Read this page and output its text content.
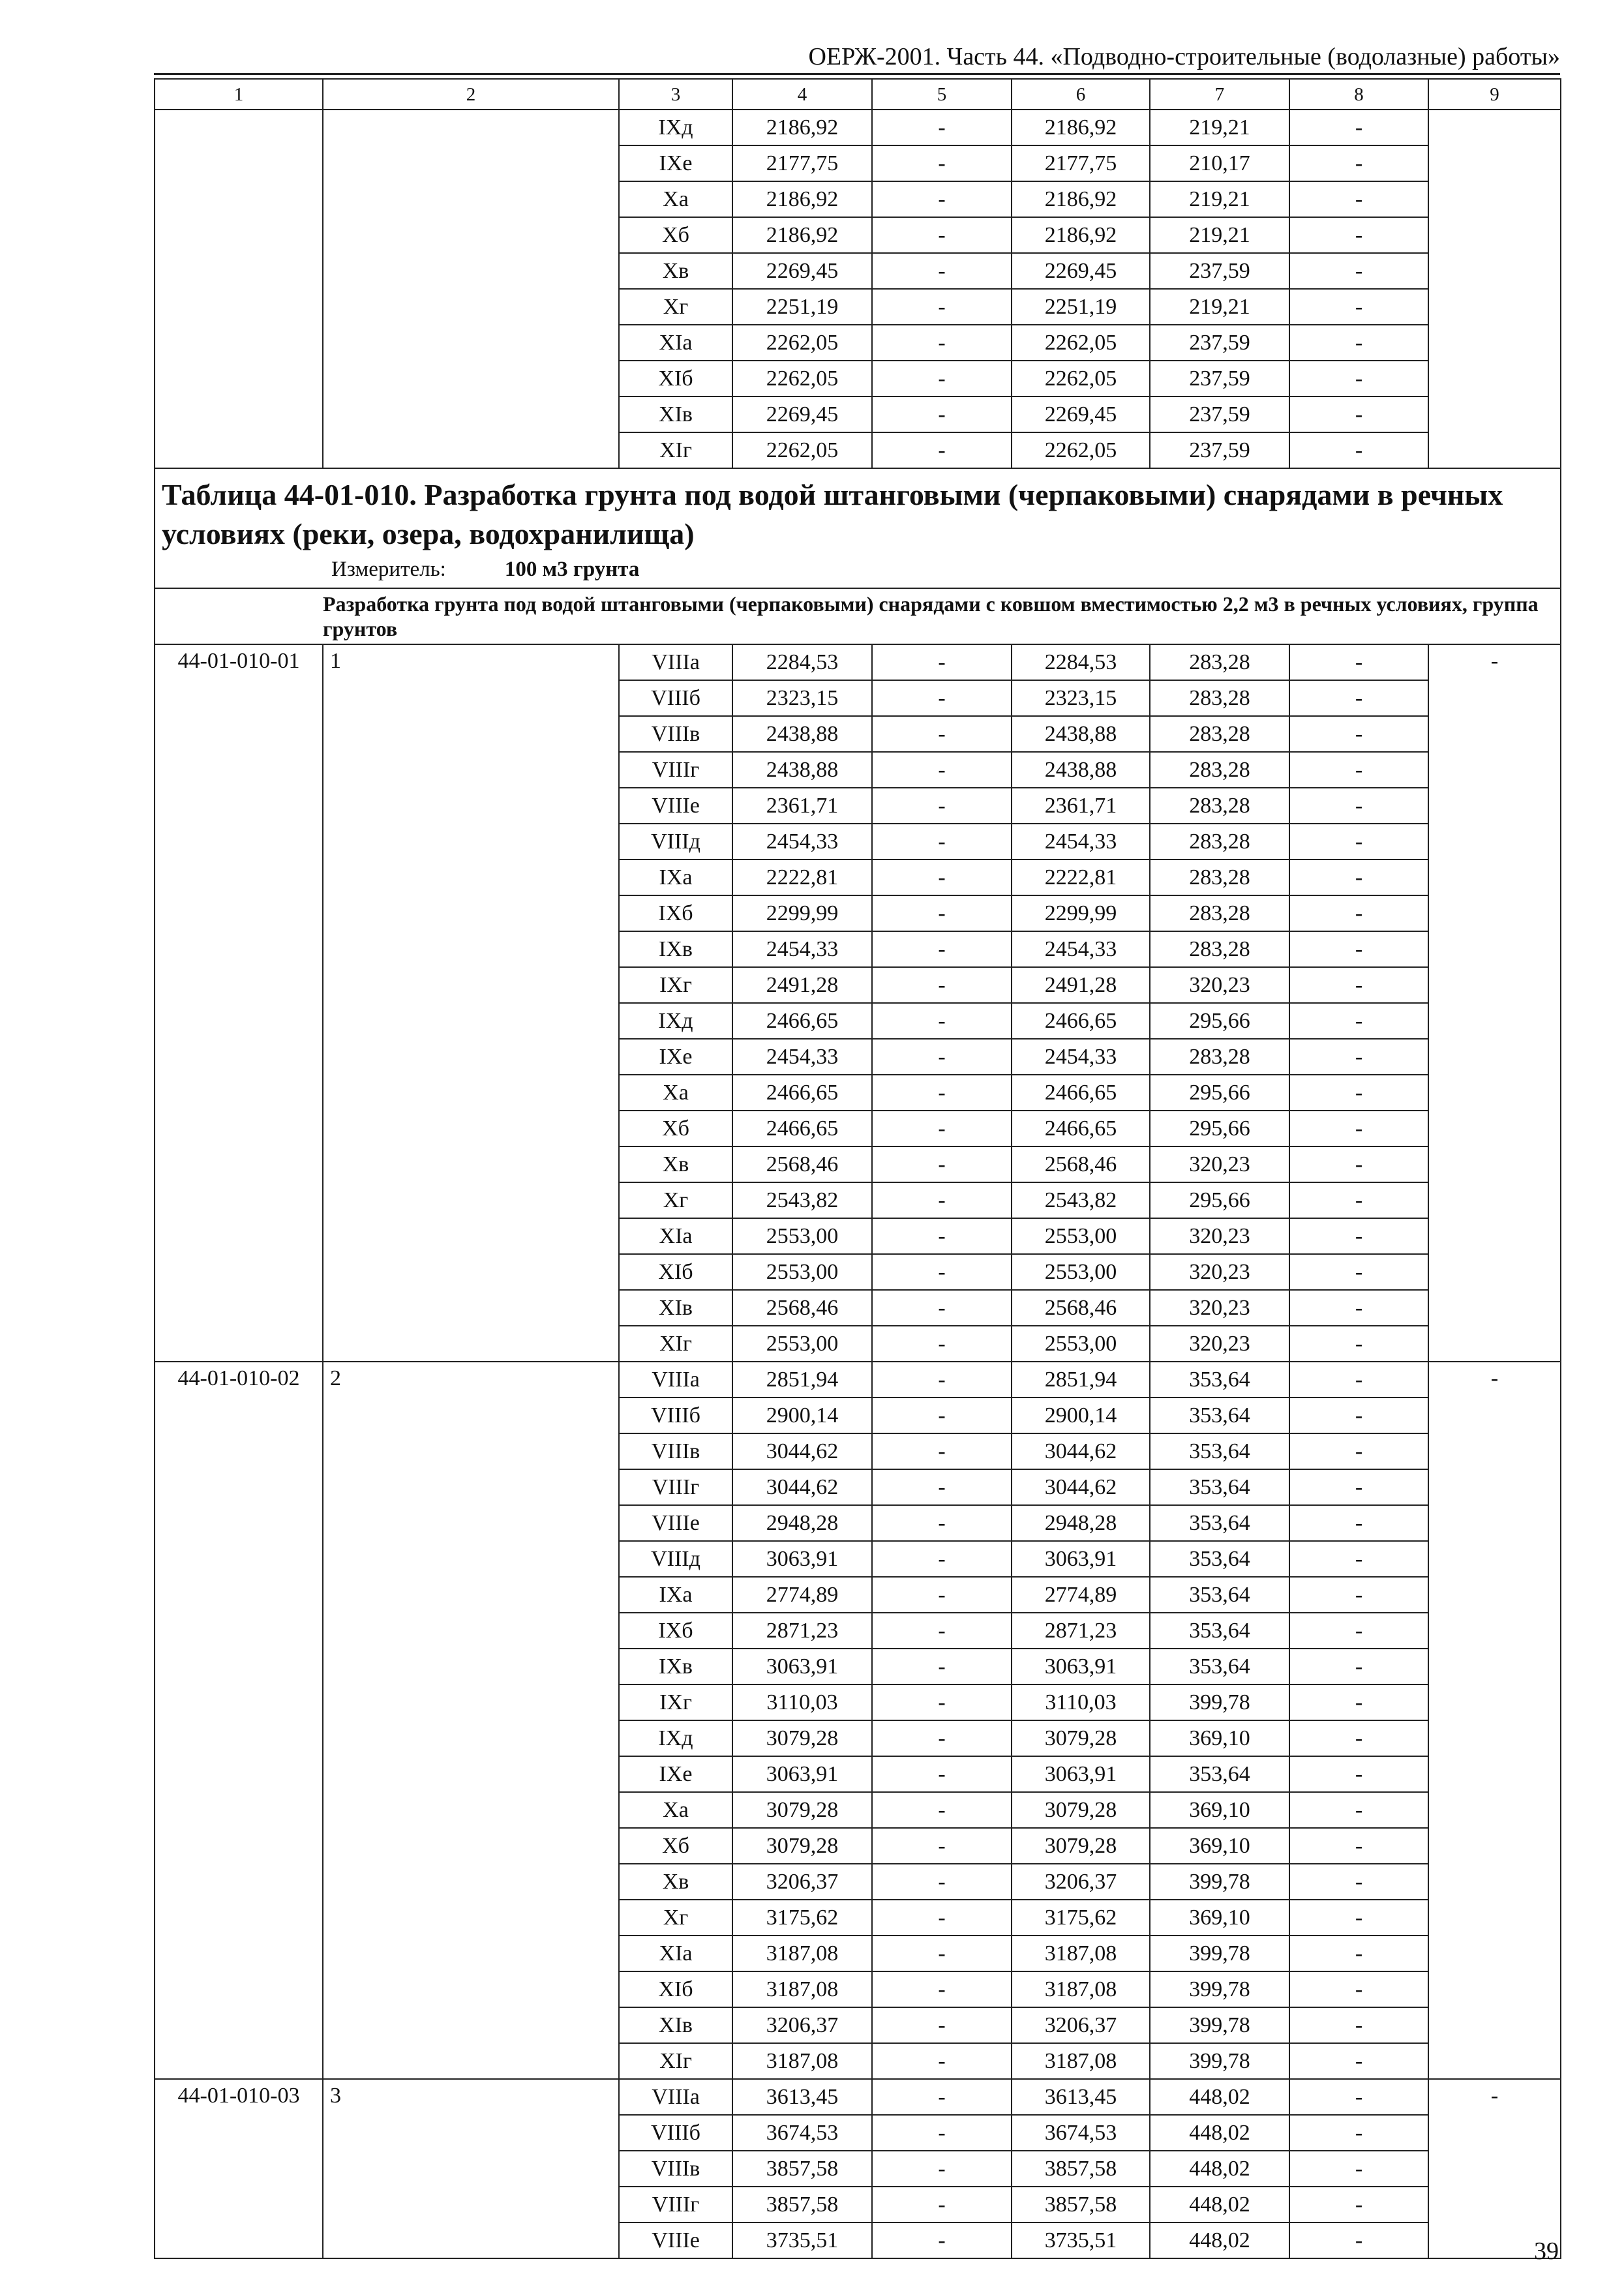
ОЕРЖ-2001. Часть 44. «Подводно-строительные (водолазные) работы»
1	2	3	4	5	6	7	8	9
		IXд	2186,92	-	2186,92	219,21	-	
		IXе	2177,75	-	2177,75	210,17	-	
		Xа	2186,92	-	2186,92	219,21	-	
		Xб	2186,92	-	2186,92	219,21	-	
		Xв	2269,45	-	2269,45	237,59	-	
		Xг	2251,19	-	2251,19	219,21	-	
		XIа	2262,05	-	2262,05	237,59	-	
		XIб	2262,05	-	2262,05	237,59	-	
		XIв	2269,45	-	2269,45	237,59	-	
		XIг	2262,05	-	2262,05	237,59	-	

Таблица 44-01-010. Разработка грунта под водой штанговыми (черпаковыми) снарядами в речных условиях (реки, озера, водохранилища)
Измеритель: 100 м3 грунта								

	Разработка грунта под водой штанговыми (черпаковыми) снарядами с ковшом вместимостью 2,2 м3 в речных условиях, группа грунтов							

44-01-010-01	1	VIIIа	2284,53	-	2284,53	283,28	-	-
		VIIIб	2323,15	-	2323,15	283,28	-	
		VIIIв	2438,88	-	2438,88	283,28	-	
		VIIIг	2438,88	-	2438,88	283,28	-	
		VIIIе	2361,71	-	2361,71	283,28	-	
		VIIIд	2454,33	-	2454,33	283,28	-	
		IXа	2222,81	-	2222,81	283,28	-	
		IXб	2299,99	-	2299,99	283,28	-	
		IXв	2454,33	-	2454,33	283,28	-	
		IXг	2491,28	-	2491,28	320,23	-	
		IXд	2466,65	-	2466,65	295,66	-	
		IXе	2454,33	-	2454,33	283,28	-	
		Xа	2466,65	-	2466,65	295,66	-	
		Xб	2466,65	-	2466,65	295,66	-	
		Xв	2568,46	-	2568,46	320,23	-	
		Xг	2543,82	-	2543,82	295,66	-	
		XIа	2553,00	-	2553,00	320,23	-	
		XIб	2553,00	-	2553,00	320,23	-	
		XIв	2568,46	-	2568,46	320,23	-	
		XIг	2553,00	-	2553,00	320,23	-	
44-01-010-02	2	VIIIа	2851,94	-	2851,94	353,64	-	-
		VIIIб	2900,14	-	2900,14	353,64	-	
		VIIIв	3044,62	-	3044,62	353,64	-	
		VIIIг	3044,62	-	3044,62	353,64	-	
		VIIIе	2948,28	-	2948,28	353,64	-	
		VIIIд	3063,91	-	3063,91	353,64	-	
		IXа	2774,89	-	2774,89	353,64	-	
		IXб	2871,23	-	2871,23	353,64	-	
		IXв	3063,91	-	3063,91	353,64	-	
		IXг	3110,03	-	3110,03	399,78	-	
		IXд	3079,28	-	3079,28	369,10	-	
		IXе	3063,91	-	3063,91	353,64	-	
		Xа	3079,28	-	3079,28	369,10	-	
		Xб	3079,28	-	3079,28	369,10	-	
		Xв	3206,37	-	3206,37	399,78	-	
		Xг	3175,62	-	3175,62	369,10	-	
		XIа	3187,08	-	3187,08	399,78	-	
		XIб	3187,08	-	3187,08	399,78	-	
		XIв	3206,37	-	3206,37	399,78	-	
		XIг	3187,08	-	3187,08	399,78	-	
44-01-010-03	3	VIIIа	3613,45	-	3613,45	448,02	-	-
		VIIIб	3674,53	-	3674,53	448,02	-	
		VIIIв	3857,58	-	3857,58	448,02	-	
		VIIIг	3857,58	-	3857,58	448,02	-	
		VIIIе	3735,51	-	3735,51	448,02	-		39
